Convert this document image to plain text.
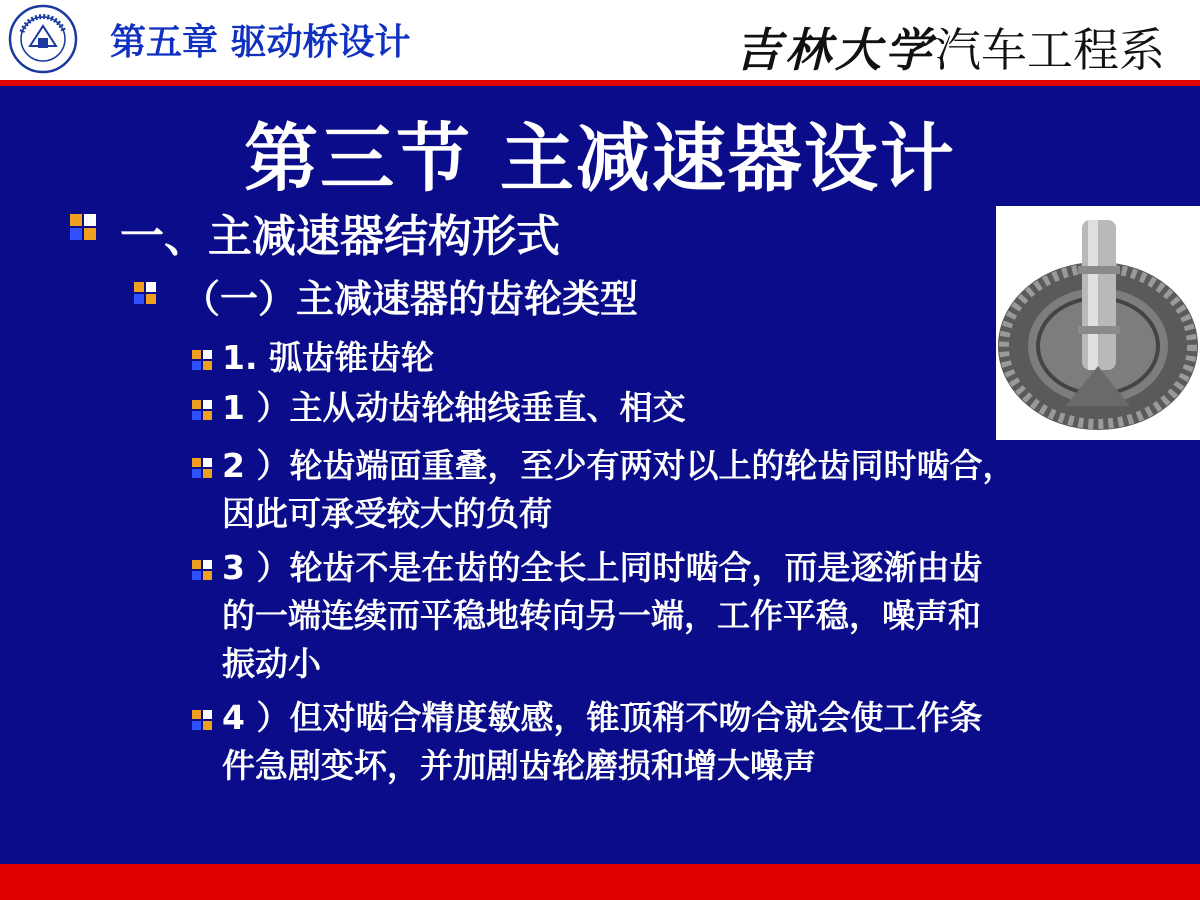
第五章 驱动桥设计	吉林大学汽车工程系
第三节 主减速器设计
一、主减速器结构形式
（一）主减速器的齿轮类型
1. 弧齿锥齿轮
1 ）主从动齿轮轴线垂直、相交
2 ）轮齿端面重叠，至少有两对以上的轮齿同时啮合，
因此可承受较大的负荷
3 ）轮齿不是在齿的全长上同时啮合，而是逐渐由齿
的一端连续而平稳地转向另一端，工作平稳，噪声和
振动小
4 ）但对啮合精度敏感，锥顶稍不吻合就会使工作条
件急剧变坏，并加剧齿轮磨损和增大噪声
